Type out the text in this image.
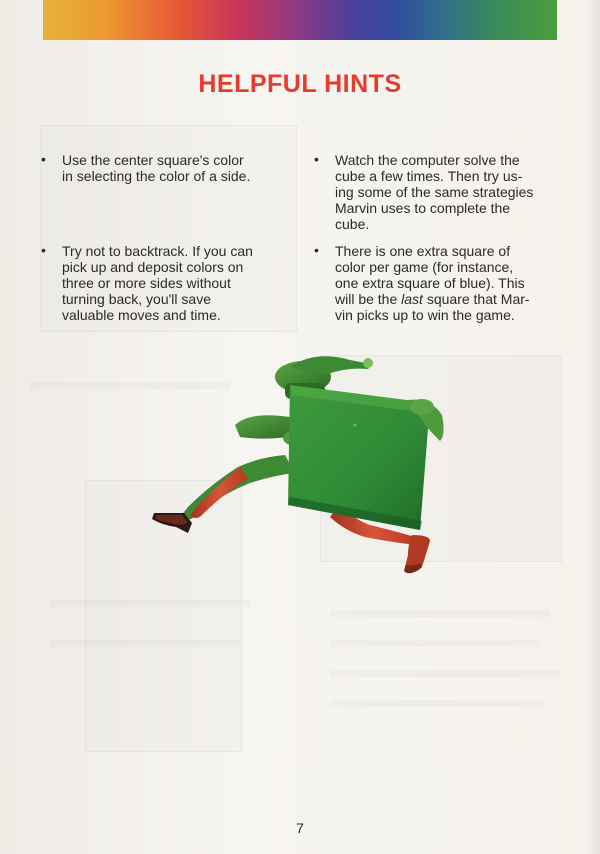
HELPFUL HINTS
• Use the center square's color
in selecting the color of a side.
• Watch the computer solve the
cube a few times. Then try us-
ing some of the same strategies
Marvin uses to complete the
cube.
• Try not to backtrack. If you can
pick up and deposit colors on
three or more sides without
turning back, you'll save
valuable moves and time.
• There is one extra square of
color per game (for instance,
one extra square of blue). This
will be the last square that Mar-
vin picks up to win the game.
7
